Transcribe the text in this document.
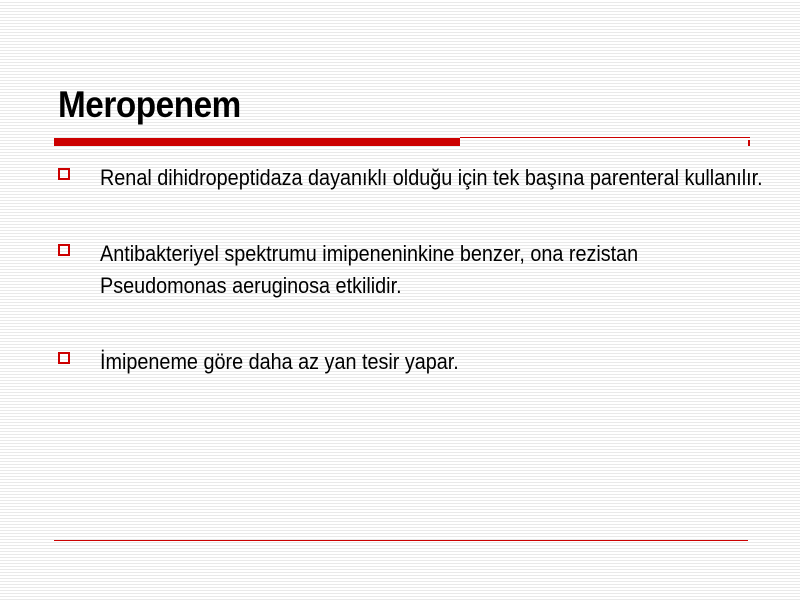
Meropenem
Renal dihidropeptidaza dayanıklı olduğu için tek başına parenteral kullanılır.
Antibakteriyel spektrumu imipeneninkine benzer, ona rezistan Pseudomonas aeruginosa etkilidir.
İmipeneme göre daha az yan tesir yapar.
